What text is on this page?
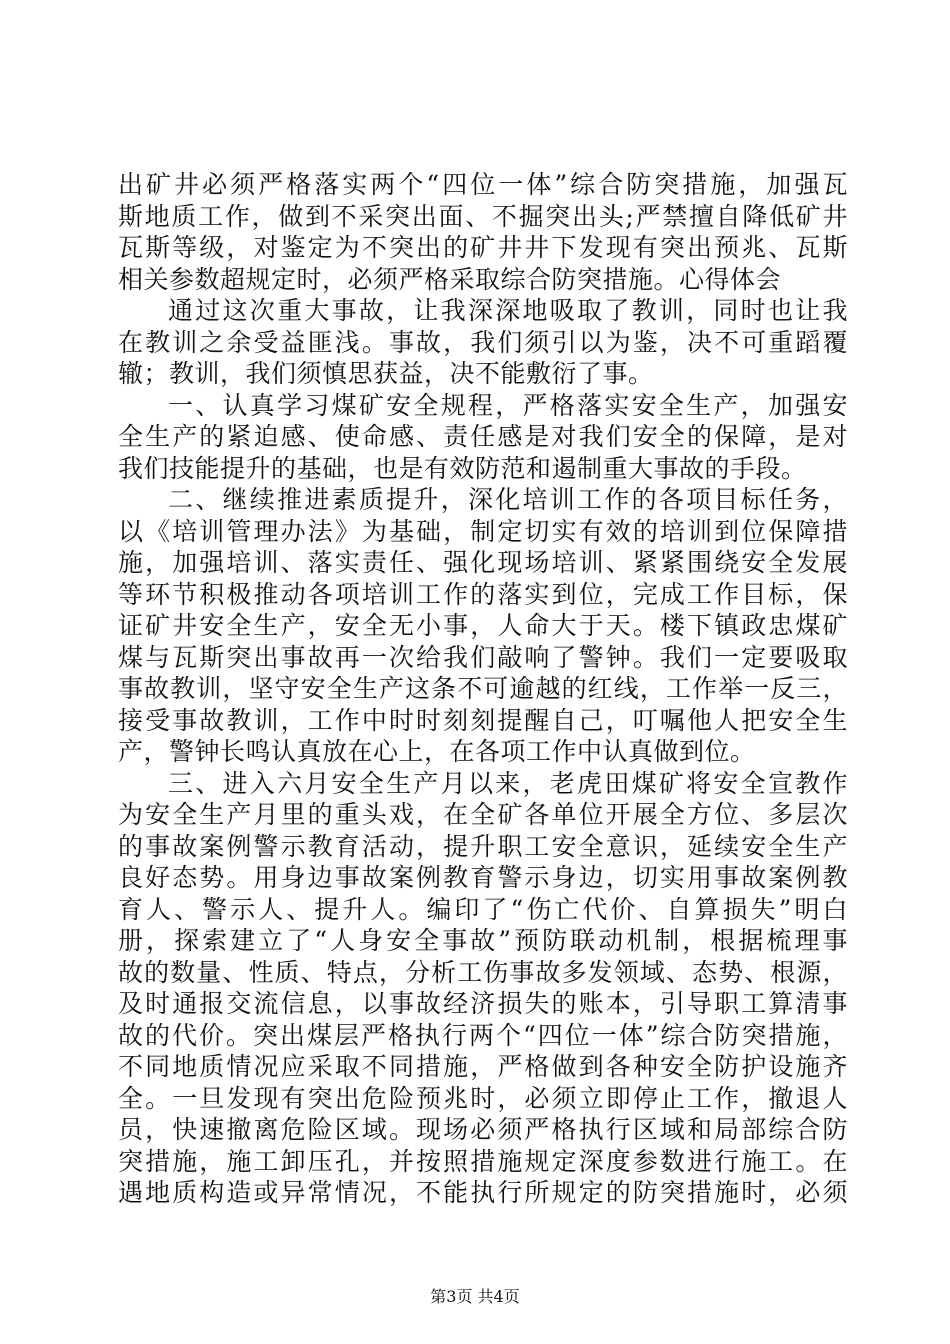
出矿井必须严格落实两个“四位一体”综合防突措施，加强瓦
斯地质工作，做到不采突出面、不掘突出头;严禁擅自降低矿井
瓦斯等级，对鉴定为不突出的矿井井下发现有突出预兆、瓦斯
相关参数超规定时，必须严格采取综合防突措施。心得体会
通过这次重大事故，让我深深地吸取了教训，同时也让我
在教训之余受益匪浅。事故，我们须引以为鉴，决不可重蹈覆
辙；教训，我们须慎思获益，决不能敷衍了事。
一、认真学习煤矿安全规程，严格落实安全生产，加强安
全生产的紧迫感、使命感、责任感是对我们安全的保障，是对
我们技能提升的基础，也是有效防范和遏制重大事故的手段。
二、继续推进素质提升，深化培训工作的各项目标任务，
以《培训管理办法》为基础，制定切实有效的培训到位保障措
施，加强培训、落实责任、强化现场培训、紧紧围绕安全发展
等环节积极推动各项培训工作的落实到位，完成工作目标，保
证矿井安全生产，安全无小事，人命大于天。楼下镇政忠煤矿
煤与瓦斯突出事故再一次给我们敲响了警钟。我们一定要吸取
事故教训，坚守安全生产这条不可逾越的红线，工作举一反三，
接受事故教训，工作中时时刻刻提醒自己，叮嘱他人把安全生
产，警钟长鸣认真放在心上，在各项工作中认真做到位。
三、进入六月安全生产月以来，老虎田煤矿将安全宣教作
为安全生产月里的重头戏，在全矿各单位开展全方位、多层次
的事故案例警示教育活动，提升职工安全意识，延续安全生产
良好态势。用身边事故案例教育警示身边，切实用事故案例教
育人、警示人、提升人。编印了“伤亡代价、自算损失”明白
册，探索建立了“人身安全事故”预防联动机制，根据梳理事
故的数量、性质、特点，分析工伤事故多发领域、态势、根源，
及时通报交流信息，以事故经济损失的账本，引导职工算清事
故的代价。突出煤层严格执行两个“四位一体”综合防突措施，
不同地质情况应采取不同措施，严格做到各种安全防护设施齐
全。一旦发现有突出危险预兆时，必须立即停止工作，撤退人
员，快速撤离危险区域。现场必须严格执行区域和局部综合防
突措施，施工卸压孔，并按照措施规定深度参数进行施工。在
遇地质构造或异常情况，不能执行所规定的防突措施时，必须
第3页 共4页
